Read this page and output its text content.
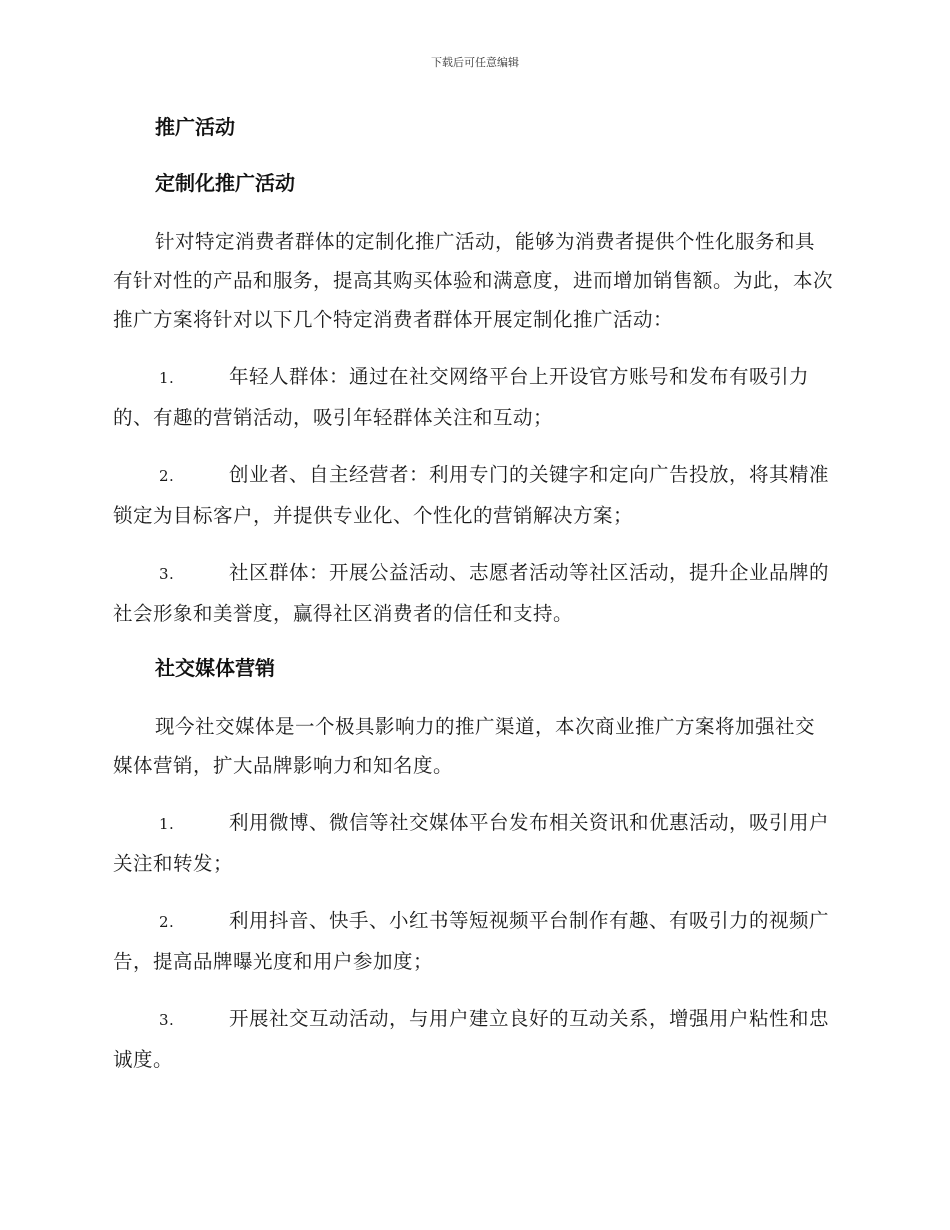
下载后可任意编辑
推广活动
定制化推广活动

针对特定消费者群体的定制化推广活动，能够为消费者提供个性化服务和具有针对性的产品和服务，提高其购买体验和满意度，进而增加销售额。为此，本次推广方案将针对以下几个特定消费者群体开展定制化推广活动：

1.	年轻人群体：通过在社交网络平台上开设官方账号和发布有吸引力的、有趣的营销活动，吸引年轻群体关注和互动；
2.	创业者、自主经营者：利用专门的关键字和定向广告投放，将其精准锁定为目标客户，并提供专业化、个性化的营销解决方案；
3.	社区群体：开展公益活动、志愿者活动等社区活动，提升企业品牌的社会形象和美誉度，赢得社区消费者的信任和支持。
社交媒体营销

现今社交媒体是一个极具影响力的推广渠道，本次商业推广方案将加强社交媒体营销，扩大品牌影响力和知名度。

1.	利用微博、微信等社交媒体平台发布相关资讯和优惠活动，吸引用户关注和转发；
2.	利用抖音、快手、小红书等短视频平台制作有趣、有吸引力的视频广告，提高品牌曝光度和用户参加度；
3.	开展社交互动活动，与用户建立良好的互动关系，增强用户粘性和忠诚度。
